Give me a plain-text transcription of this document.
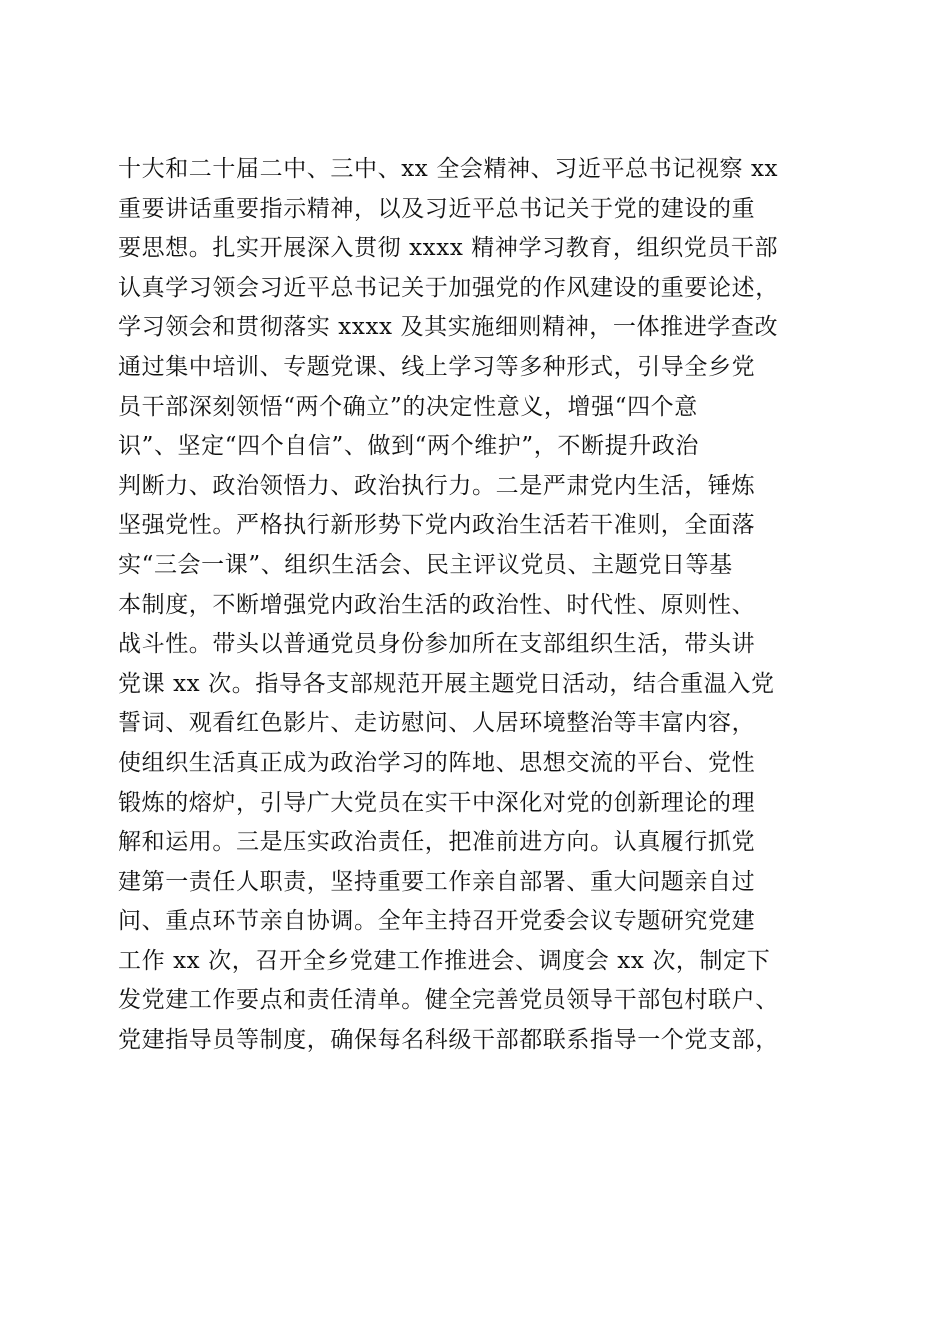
十大和二十届二中、三中、xx 全会精神、习近平总书记视察 xx
重要讲话重要指示精神，以及习近平总书记关于党的建设的重
要思想。扎实开展深入贯彻 xxxx 精神学习教育，组织党员干部
认真学习领会习近平总书记关于加强党的作风建设的重要论述，
学习领会和贯彻落实 xxxx 及其实施细则精神，一体推进学查改
通过集中培训、专题党课、线上学习等多种形式，引导全乡党
员干部深刻领悟“两个确立”的决定性意义，增强“四个意
识”、坚定“四个自信”、做到“两个维护”，不断提升政治
判断力、政治领悟力、政治执行力。二是严肃党内生活，锤炼
坚强党性。严格执行新形势下党内政治生活若干准则，全面落
实“三会一课”、组织生活会、民主评议党员、主题党日等基
本制度，不断增强党内政治生活的政治性、时代性、原则性、
战斗性。带头以普通党员身份参加所在支部组织生活，带头讲
党课 xx 次。指导各支部规范开展主题党日活动，结合重温入党
誓词、观看红色影片、走访慰问、人居环境整治等丰富内容，
使组织生活真正成为政治学习的阵地、思想交流的平台、党性
锻炼的熔炉，引导广大党员在实干中深化对党的创新理论的理
解和运用。三是压实政治责任，把准前进方向。认真履行抓党
建第一责任人职责，坚持重要工作亲自部署、重大问题亲自过
问、重点环节亲自协调。全年主持召开党委会议专题研究党建
工作 xx 次，召开全乡党建工作推进会、调度会 xx 次，制定下
发党建工作要点和责任清单。健全完善党员领导干部包村联户、
党建指导员等制度，确保每名科级干部都联系指导一个党支部，
